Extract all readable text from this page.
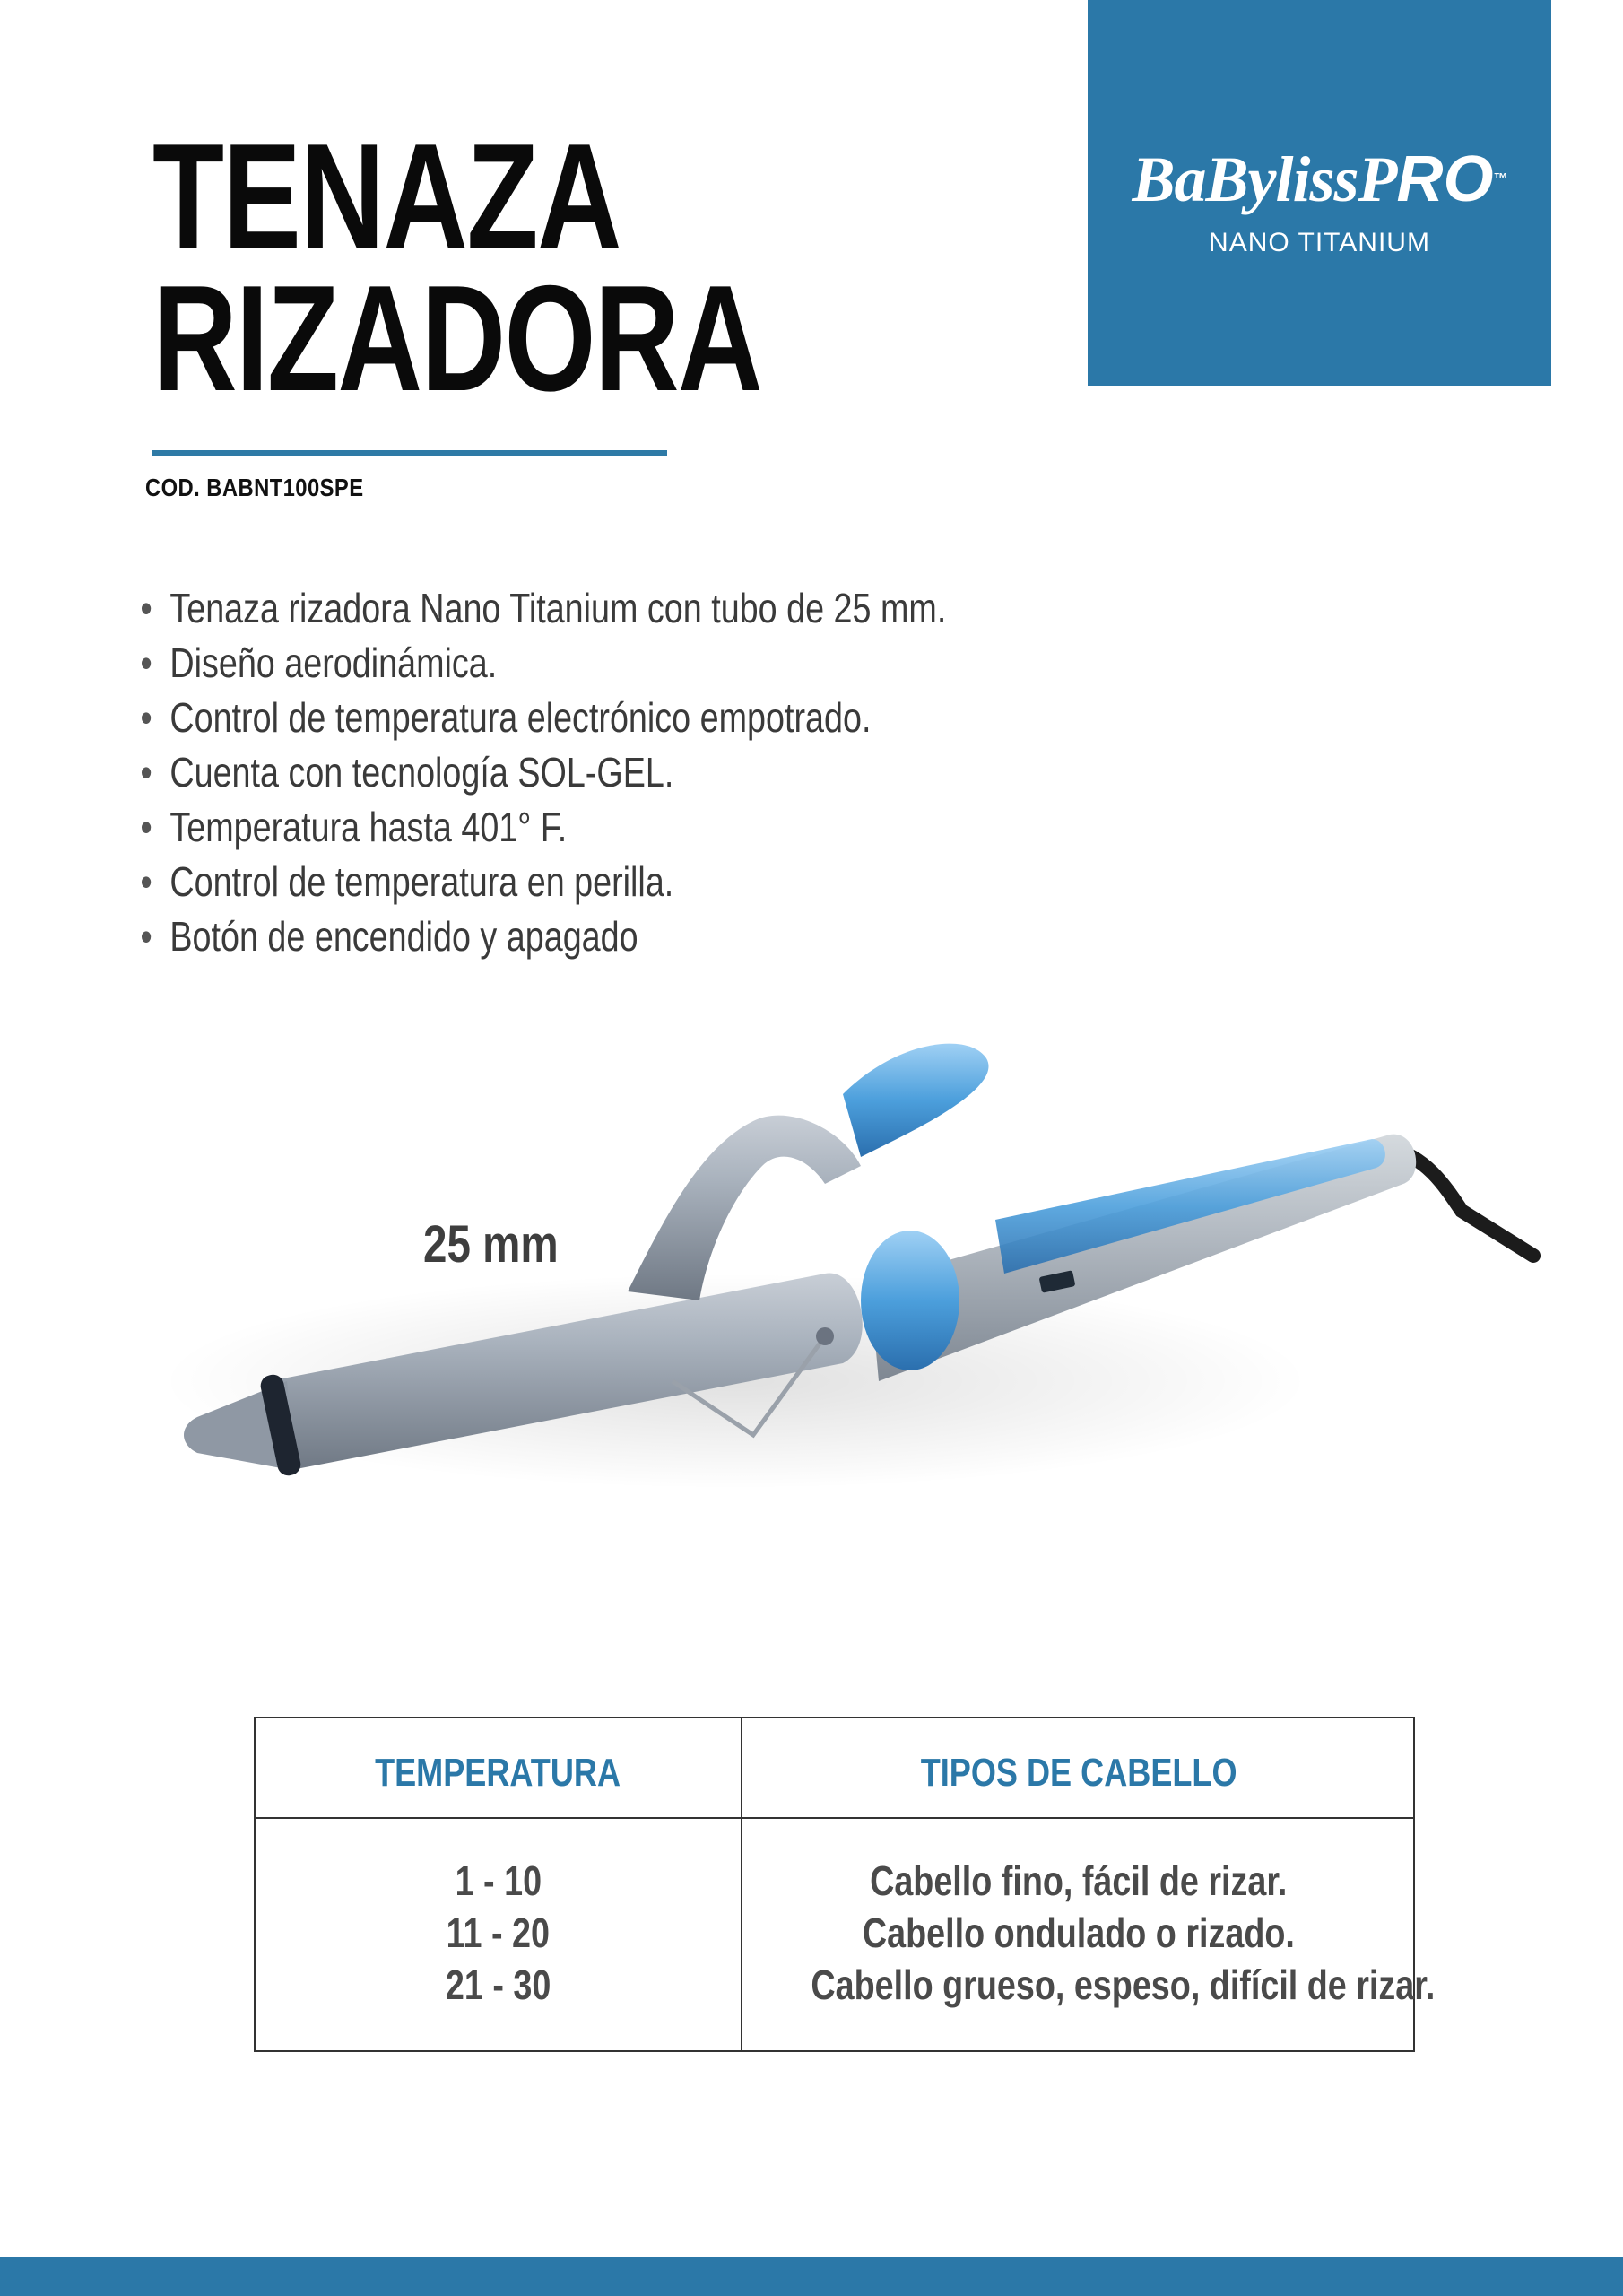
TENAZA
RIZADORA

COD. BABNT100SPE

BaBylissPRO™
NANO TITANIUM
• Tenaza rizadora Nano Titanium con tubo de 25 mm.
• Diseño aerodinámica.
• Control de temperatura electrónico empotrado.
• Cuenta con tecnología SOL-GEL.
• Temperatura hasta 401° F.
• Control de temperatura en perilla.
• Botón de encendido y apagado

25 mm

TEMPERATURA	TIPOS DE CABELLO
1 - 10
11 - 20
21 - 30
Cabello fino, fácil de rizar.
Cabello ondulado o rizado.
Cabello grueso, espeso, difícil de rizar.
